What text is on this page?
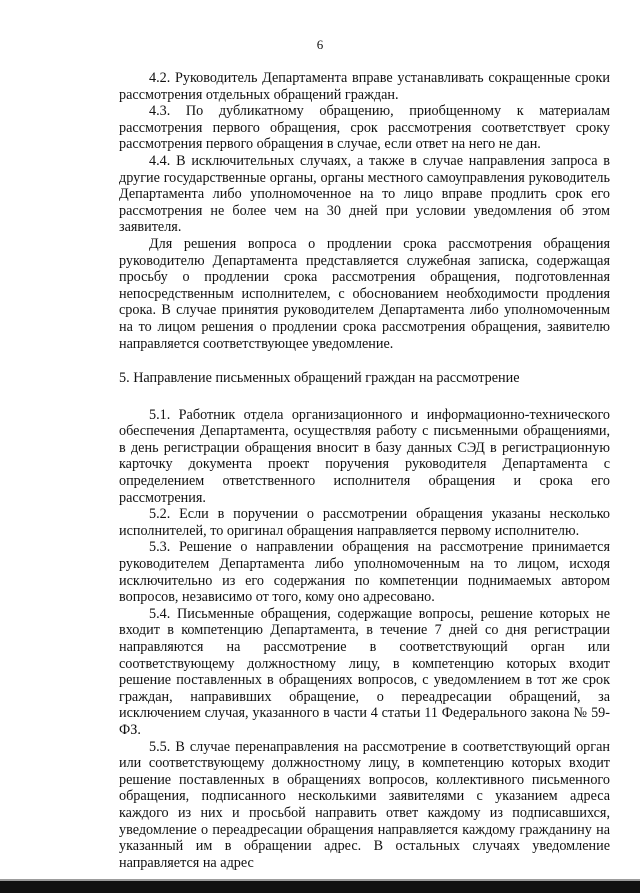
6

4.2. Руководитель Департамента вправе устанавливать сокращенные сроки рассмотрения отдельных обращений граждан.

4.3. По дубликатному обращению, приобщенному к материалам рассмотрения первого обращения, срок рассмотрения соответствует сроку рассмотрения первого обращения в случае, если ответ на него не дан.

4.4. В исключительных случаях, а также в случае направления запроса в другие государственные органы, органы местного самоуправления руководитель Департамента либо уполномоченное на то лицо вправе продлить срок его рассмотрения не более чем на 30 дней при условии уведомления об этом заявителя.

Для решения вопроса о продлении срока рассмотрения обращения руководителю Департамента представляется служебная записка, содержащая просьбу о продлении срока рассмотрения обращения, подготовленная непосредственным исполнителем, с обоснованием необходимости продления срока. В случае принятия руководителем Департамента либо уполномоченным на то лицом решения о продлении срока рассмотрения обращения, заявителю направляется соответствующее уведомление.

5. Направление письменных обращений граждан на рассмотрение

5.1. Работник отдела организационного и информационно-технического обеспечения Департамента, осуществляя работу с письменными обращениями, в день регистрации обращения вносит в базу данных СЭД в регистрационную карточку документа проект поручения руководителя Департамента с определением ответственного исполнителя обращения и срока его рассмотрения.

5.2. Если в поручении о рассмотрении обращения указаны несколько исполнителей, то оригинал обращения направляется первому исполнителю.

5.3. Решение о направлении обращения на рассмотрение принимается руководителем Департамента либо уполномоченным на то лицом, исходя исключительно из его содержания по компетенции поднимаемых автором вопросов, независимо от того, кому оно адресовано.

5.4. Письменные обращения, содержащие вопросы, решение которых не входит в компетенцию Департамента, в течение 7 дней со дня регистрации направляются на рассмотрение в соответствующий орган или соответствующему должностному лицу, в компетенцию которых входит решение поставленных в обращениях вопросов, с уведомлением в тот же срок граждан, направивших обращение, о переадресации обращений, за исключением случая, указанного в части 4 статьи 11 Федерального закона № 59-ФЗ.

5.5. В случае перенаправления на рассмотрение в соответствующий орган или соответствующему должностному лицу, в компетенцию которых входит решение поставленных в обращениях вопросов, коллективного письменного обращения, подписанного несколькими заявителями с указанием адреса каждого из них и просьбой направить ответ каждому из подписавшихся, уведомление о переадресации обращения направляется каждому гражданину на указанный им в обращении адрес. В остальных случаях уведомление направляется на адрес
